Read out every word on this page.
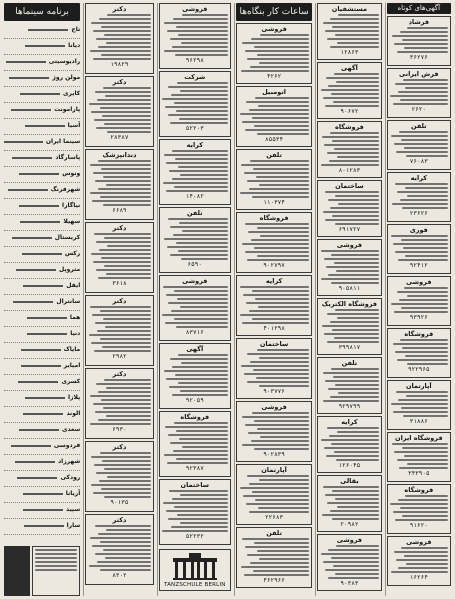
آگهی‌های کوتاه
فرشاد
۳۶۲۷۶
فرش ایرانی
۲۶۲۰
تلفن
۷۶۰۸۳
کرایه
۲۳۶۲۶
فوری
۹۲۴۱۲
فروشی
۹۳۹۲۶
فروشگاه
۹۲۲۹۶۵
آپارتمان
۳۱۸۸۶
فروشگاه ایران
۳۴۳۹۰۵
فروشگاه
۹۱۶۲۰
فروشی
۱۶۲۶۴
مستشفیان
۱۲۸۶۳
آگهی
۹۰۶۷۲
فروشگاه
۸۰۱۲۸۳
ساختمان
۶۹۱۷۲۷
فروشی
۹۰۵۸۱۱
فروشگاه الکتریک
۳۹۹۸۱۷
تلفن
۹۲۹۷۹۹
کرایه
۱۲۶۰۴۵
بقالی
۲۰۹۸۲
فروشی
۹۰۳۸۳
ساعات کار بنگاه‌ها
فروشی
۴۲۶۲
اتومبیل
۸۵۵۳۴
تلفن
۱۱۰۳۷۴
فروشگاه
۹۰۲۷۹۷
کرایه
۴۰۱۲۹۸
ساختمان
۹۰۳۷۷۶
فروشی
۹۰۲۸۳۹
آپارتمان
۲۲۶۸۳
تلفن
۴۶۲۹۶۶
فروشی
۹۶۲۹۸
شرکت
۵۲۲۰۳
کرایه
۱۴۰۸۲
تلفن
۶۵۹۰
فروشی
۸۳۷۱۶
آگهی
۹۲۰۵۹
فروشگاه
۹۲۳۸۷
ساختمان
۵۲۲۳۲
TANZSCHULE BERLIN
دکتر
۱۹۸۲۹
دکتر
۲۸۳۸۷
دندانپزشک
۶۶۸۹
دکتر
۳۶۱۸
دکتر
۲۹۸۲
دکتر
۶۹۳۰
دکتر
۹۰۱۳۵
دکتر
۸۳۰۲
برنامه سینماها
تاج
دیانا
رادیوسیتی
مولن روژ
کاپری
پارامونت
آسیا
سینما ایران
پاسارگاد
ونوس
شهرفرنگ
نیاگارا
سهیلا
کریستال
رکس
متروپل
ایفل
سانترال
هما
دنیا
مایاک
امپایر
کسری
پلازا
الوند
سعدی
فردوسی
شهرزاد
رودکی
آریانا
سپید
سارا
